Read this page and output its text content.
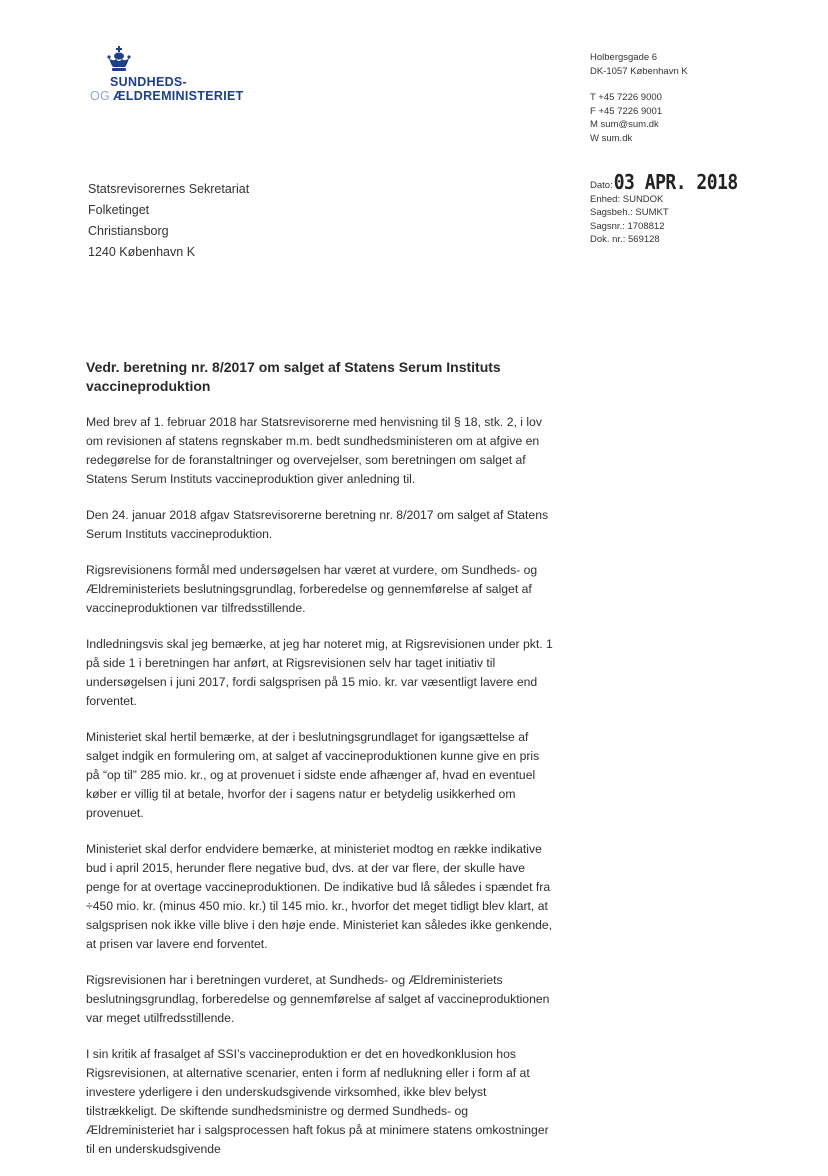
SUNDHEDS-
OG ÆLDREMINISTERIET
Holbergsgade 6
DK-1057 København K
T +45 7226 9000
F +45 7226 9001
M sum@sum.dk
W sum.dk
Statsrevisorernes Sekretariat
Folketinget
Christiansborg
1240 København K
Dato: 03 APR. 2018
Enhed: SUNDOK
Sagsbeh.: SUMKT
Sagsnr.: 1708812
Dok. nr.: 569128
Vedr. beretning nr. 8/2017 om salget af Statens Serum Instituts vaccineproduktion

Med brev af 1. februar 2018 har Statsrevisorerne med henvisning til § 18, stk. 2, i lov om revisionen af statens regnskaber m.m. bedt sundhedsministeren om at afgive en redegørelse for de foranstaltninger og overvejelser, som beretningen om salget af Statens Serum Instituts vaccineproduktion giver anledning til.

Den 24. januar 2018 afgav Statsrevisorerne beretning nr. 8/2017 om salget af Statens Serum Instituts vaccineproduktion.

Rigsrevisionens formål med undersøgelsen har været at vurdere, om Sundheds- og Ældreministeriets beslutningsgrundlag, forberedelse og gennemførelse af salget af vaccineproduktionen var tilfredsstillende.

Indledningsvis skal jeg bemærke, at jeg har noteret mig, at Rigsrevisionen under pkt. 1 på side 1 i beretningen har anført, at Rigsrevisionen selv har taget initiativ til undersøgelsen i juni 2017, fordi salgsprisen på 15 mio. kr. var væsentligt lavere end forventet.

Ministeriet skal hertil bemærke, at der i beslutningsgrundlaget for igangsættelse af salget indgik en formulering om, at salget af vaccineproduktionen kunne give en pris på “op til” 285 mio. kr., og at provenuet i sidste ende afhænger af, hvad en eventuel køber er villig til at betale, hvorfor der i sagens natur er betydelig usikkerhed om provenuet.

Ministeriet skal derfor endvidere bemærke, at ministeriet modtog en række indikative bud i april 2015, herunder flere negative bud, dvs. at der var flere, der skulle have penge for at overtage vaccineproduktionen. De indikative bud lå således i spændet fra ÷450 mio. kr. (minus 450 mio. kr.) til 145 mio. kr., hvorfor det meget tidligt blev klart, at salgsprisen nok ikke ville blive i den høje ende. Ministeriet kan således ikke genkende, at prisen var lavere end forventet.

Rigsrevisionen har i beretningen vurderet, at Sundheds- og Ældreministeriets beslutningsgrundlag, forberedelse og gennemførelse af salget af vaccineproduktionen var meget utilfredsstillende.

I sin kritik af frasalget af SSI’s vaccineproduktion er det en hovedkonklusion hos Rigsrevisionen, at alternative scenarier, enten i form af nedlukning eller i form af at investere yderligere i den underskudsgivende virksomhed, ikke blev belyst tilstrækkeligt. De skiftende sundhedsministre og dermed Sundheds- og Ældreministeriet har i salgsprocessen haft fokus på at minimere statens omkostninger til en underskudsgivende
